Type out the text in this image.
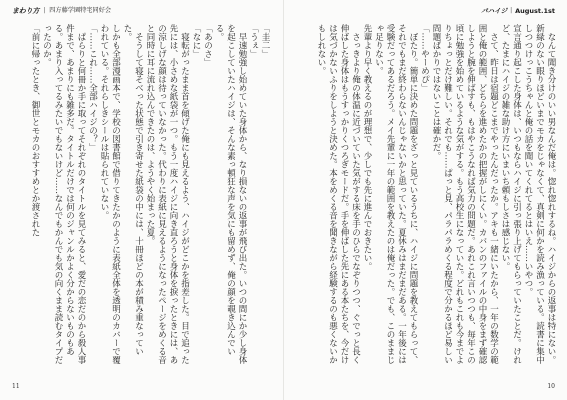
まわり方 | 四方藤学園特宅同好会

「圭二」

「うぇ」

　早速勉強し始めていた身体から、なり損ないの返事が飛び出た。いつの間にか少し身体を起こしていたハイジは、そんな素っ頓狂な声を気にも留めず、俺の顔を覗き込んでいる。

「あのさ」

「なに」

　寝転がったまま首を傾げた俺にも見えるよう、ハイジがどこかを指差した。目で追った先には、小さめな紙袋が一つ。もう一度ハイジに向き直ろうと身体を捩ったときには、あの涼しげな顔は待っていなかった。代わりに表紙に見えるようになったページをめくる音と同時に耳に流れ込んできたのは、ようやく始まった夏。

　そうして寝そべった状態で引き寄せた紙袋の中には、十冊ほどの本が積み重なっていた。

しかも全部漫画本で、学校の図書館で借りてきたかのように表紙全体を透明のカバーで覆われている。それらしきシールは貼られていない。

「……これ……全部ハイジの？」

　ぱらりと何冊か手に取ってそれぞれのタイトルを見てみると、愛だの恋だのから殺人事件まで、あまりにも雑多だ。タイトルだけでは何のジャンルかよく分からないものもある。あまり入ってるみたいでもないけど……なんでもかんでも気の向くまま読むタイプだったのか。

「前に帰ったとき、御世とモカのおすすめとか渡された

11
パハイジ | August.1st

　なんて聞き分けのいい男なんだ俺は。惚れ惚れするね。ハイジからの返事は特にない。新緑のない眼りほどいまでモカをじゃなくて、真剣に何かを読み漁っている。読書に集中しつつけっこうちゃんと俺の話を聞いてくれてるとはいえ……いやつ。

宣言通り起こした身体は、いつもならハイジに引っ張り上げてもらっていたことだ。けれど、たまにハイジの雑な助け方にいまいち頼もしさは感じない。

　さて、昨日は宿題どこまでやったんだったか。アキも一緒にいたから、一年の数学の範囲と俺の範囲、どちらを進めたかの把握がしにくい。カバンのファイルの中身をまず確認しようと腕を伸ばすも、もはやこうなれば気力の問題だ。あれこれ言いつつも、毎年この頃に勉強を始めているような気がする。もう高校生になっていた。どれもこれも今までよりちょっとだけ難しい。それでも……ぱっと見、パラパラめくる程度で分かるほど易しい問題ばかりではないことは確かだ。

「……やーめぴ」

　ぼたり。簡単に決めた問題をざっと見ているうちに、ハイジに問題を教えてもらって、それでもまだ終わらないんじゃないかと思っていた。夏休みはまだまだある。一年後には受験だってあるだろう。メイ先輩に一年の範囲を教えたのは俺だった。でも、このままじゃ足りない。

先輩より早く教えるのが理想で、少しでも先に進んでおきたい。

　さっきより俺の体温に近づいていた気がする床を手のひらでなぞりつつ、ぐでっと長く伸ばした身体はもうすっかりくつろぎモードだ。手を伸ばした先にある本たちを、今だけは気づかないふりをしようと決めた。本をめくる音を聞きながら経験するのも悪くないかもしれない。

10
